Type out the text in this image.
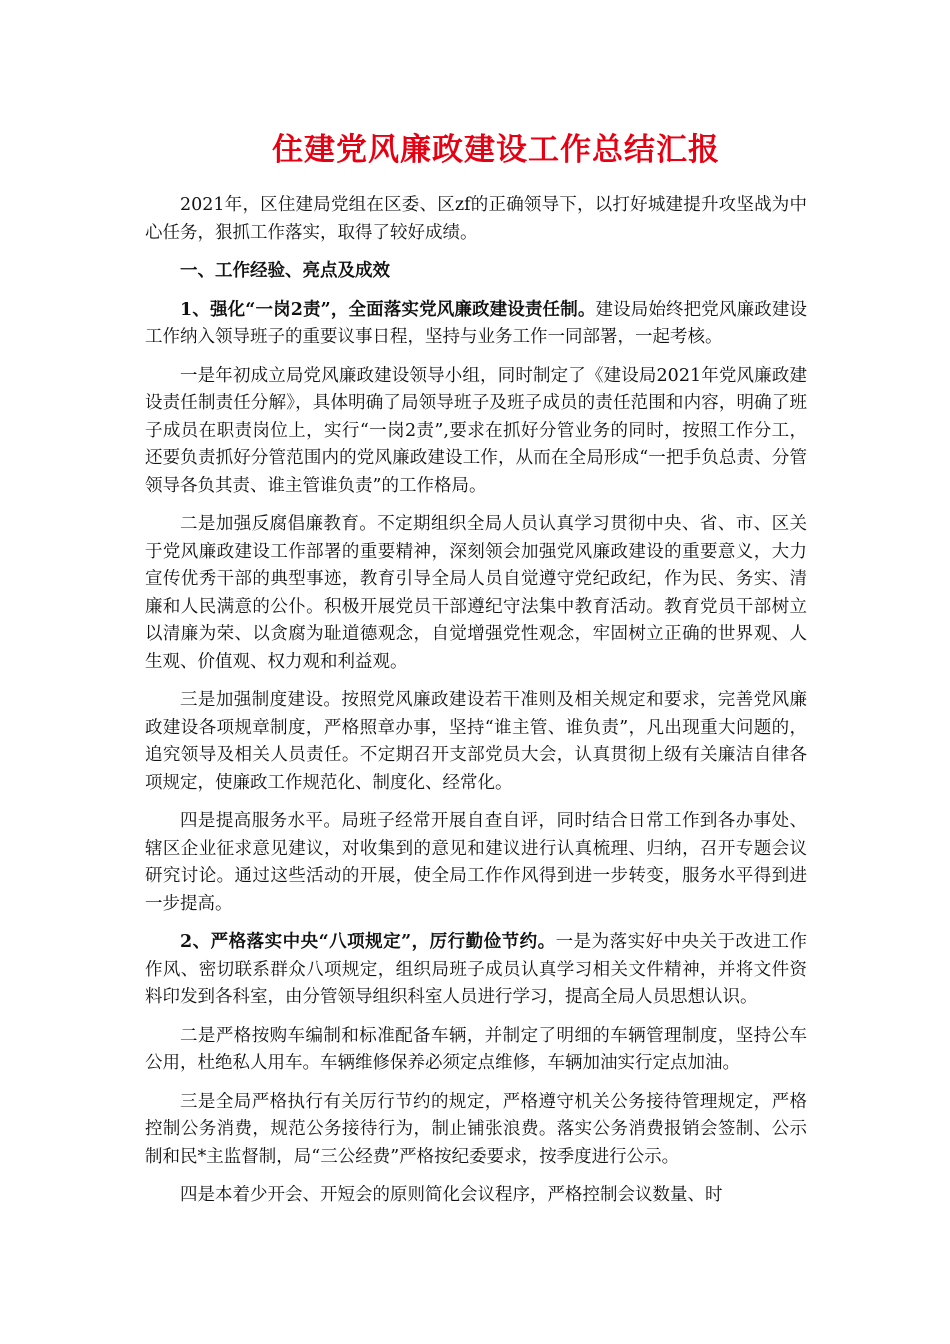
住建党风廉政建设工作总结汇报

2021年，区住建局党组在区委、区zf的正确领导下，以打好城建提升攻坚战为中心任务，狠抓工作落实，取得了较好成绩。

一、工作经验、亮点及成效

1、强化“一岗2责”，全面落实党风廉政建设责任制。建设局始终把党风廉政建设工作纳入领导班子的重要议事日程，坚持与业务工作一同部署，一起考核。

一是年初成立局党风廉政建设领导小组，同时制定了《建设局2021年党风廉政建设责任制责任分解》，具体明确了局领导班子及班子成员的责任范围和内容，明确了班子成员在职责岗位上，实行“一岗2责”,要求在抓好分管业务的同时，按照工作分工，还要负责抓好分管范围内的党风廉政建设工作，从而在全局形成“一把手负总责、分管领导各负其责、谁主管谁负责”的工作格局。

二是加强反腐倡廉教育。不定期组织全局人员认真学习贯彻中央、省、市、区关于党风廉政建设工作部署的重要精神，深刻领会加强党风廉政建设的重要意义，大力宣传优秀干部的典型事迹，教育引导全局人员自觉遵守党纪政纪，作为民、务实、清廉和人民满意的公仆。积极开展党员干部遵纪守法集中教育活动。教育党员干部树立以清廉为荣、以贪腐为耻道德观念，自觉增强党性观念，牢固树立正确的世界观、人生观、价值观、权力观和利益观。

三是加强制度建设。按照党风廉政建设若干准则及相关规定和要求，完善党风廉政建设各项规章制度，严格照章办事，坚持“谁主管、谁负责”，凡出现重大问题的，追究领导及相关人员责任。不定期召开支部党员大会，认真贯彻上级有关廉洁自律各项规定，使廉政工作规范化、制度化、经常化。

四是提高服务水平。局班子经常开展自查自评，同时结合日常工作到各办事处、辖区企业征求意见建议，对收集到的意见和建议进行认真梳理、归纳，召开专题会议研究讨论。通过这些活动的开展，使全局工作作风得到进一步转变，服务水平得到进一步提高。

2、严格落实中央“八项规定”，厉行勤俭节约。一是为落实好中央关于改进工作作风、密切联系群众八项规定，组织局班子成员认真学习相关文件精神，并将文件资料印发到各科室，由分管领导组织科室人员进行学习，提高全局人员思想认识。

二是严格按购车编制和标准配备车辆，并制定了明细的车辆管理制度，坚持公车公用，杜绝私人用车。车辆维修保养必须定点维修，车辆加油实行定点加油。

三是全局严格执行有关厉行节约的规定，严格遵守机关公务接待管理规定，严格控制公务消费，规范公务接待行为，制止铺张浪费。落实公务消费报销会签制、公示制和民*主监督制，局“三公经费”严格按纪委要求，按季度进行公示。

四是本着少开会、开短会的原则简化会议程序，严格控制会议数量、时
